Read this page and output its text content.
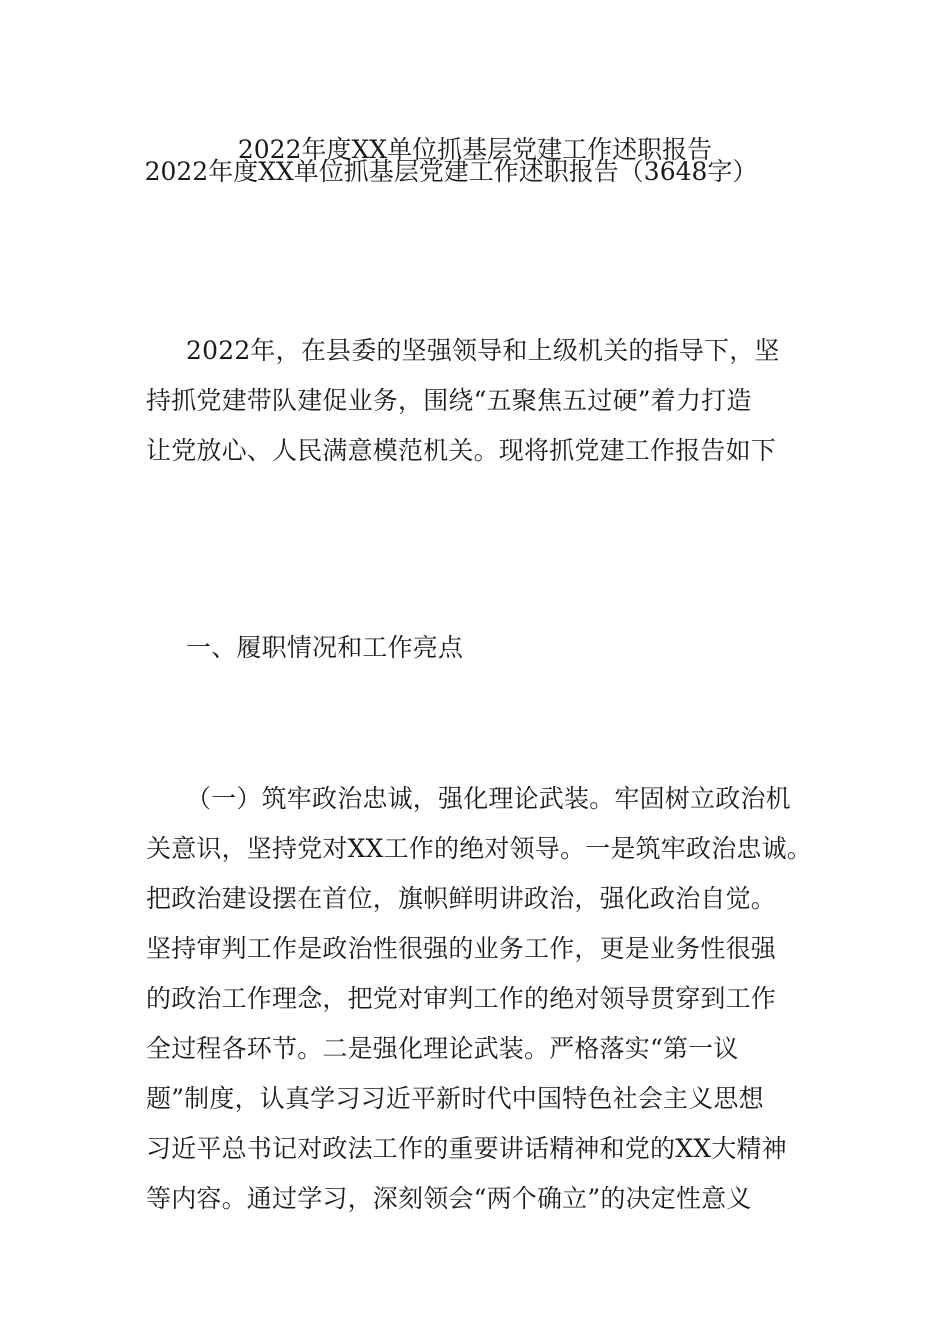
2022年度XX单位抓基层党建工作述职报告
2022年度XX单位抓基层党建工作述职报告（3648字）
2022年，在县委的坚强领导和上级机关的指导下，坚
持抓党建带队建促业务，围绕“五聚焦五过硬”着力打造
让党放心、人民满意模范机关。现将抓党建工作报告如下
一、履职情况和工作亮点
（一）筑牢政治忠诚，强化理论武装。牢固树立政治机
关意识，坚持党对XX工作的绝对领导。一是筑牢政治忠诚。
把政治建设摆在首位，旗帜鲜明讲政治，强化政治自觉。
坚持审判工作是政治性很强的业务工作，更是业务性很强
的政治工作理念，把党对审判工作的绝对领导贯穿到工作
全过程各环节。二是强化理论武装。严格落实“第一议
题”制度，认真学习习近平新时代中国特色社会主义思想
习近平总书记对政法工作的重要讲话精神和党的XX大精神
等内容。通过学习，深刻领会“两个确立”的决定性意义
